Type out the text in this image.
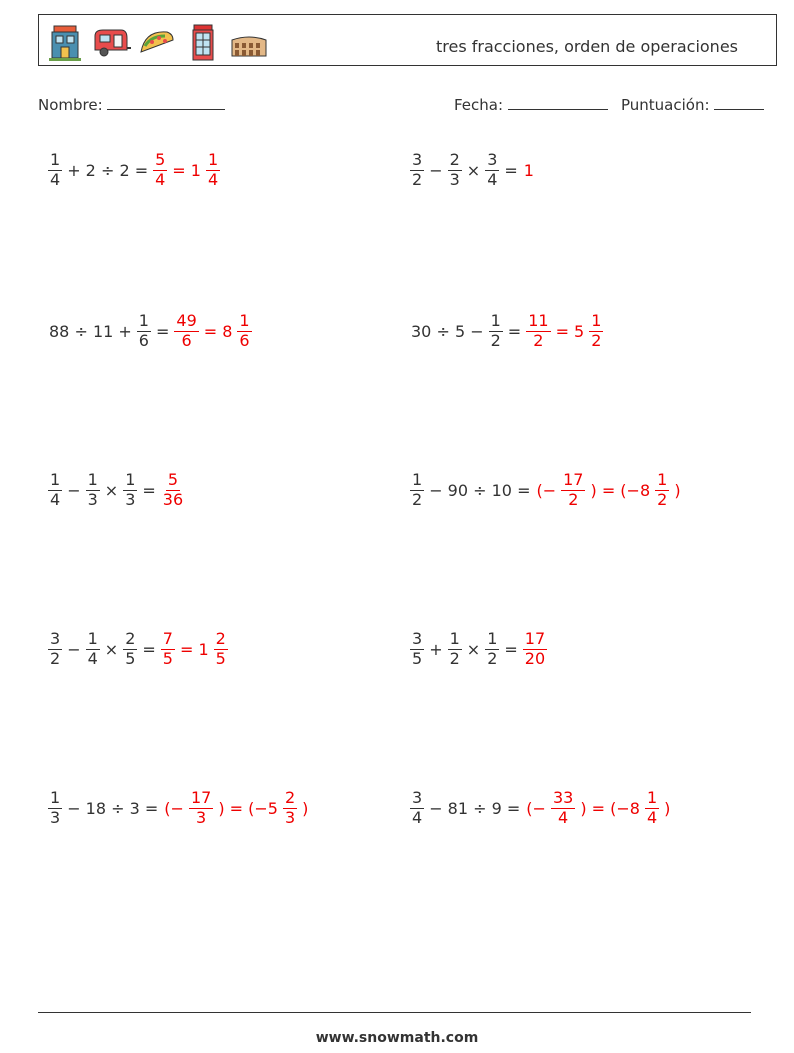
tres fracciones, orden de operaciones
Nombre:	Fecha:	Puntuación:
$\frac{1}{4} + 2 \div 2 = \frac{5}{4} = 1 \frac{1}{4}$	$\frac{3}{2} - \frac{2}{3} \times \frac{3}{4} = 1$
$88 \div 11 + \frac{1}{6} = \frac{49}{6} = 8 \frac{1}{6}$	$30 \div 5 - \frac{1}{2} = \frac{11}{2} = 5 \frac{1}{2}$
$\frac{1}{4} - \frac{1}{3} \times \frac{1}{3} = \frac{5}{36}$	$\frac{1}{2} - 90 \div 10$ = (− $\frac{17}{2}$ ) = ($-8 \frac{1}{2}$ )
$\frac{3}{2} - \frac{1}{4} \times \frac{2}{5} = \frac{7}{5} = 1 \frac{2}{5}$	$\frac{3}{5} + \frac{1}{2} \times \frac{1}{2} = \frac{17}{20}$
$\frac{1}{3} - 18 \div 3$ = (− $\frac{17}{3}$ ) = ($-5 \frac{2}{3}$ )	$\frac{3}{4} - 81 \div 9$ = (− $\frac{33}{4}$ ) = ($-8 \frac{1}{4}$ )
www.snowmath.com
